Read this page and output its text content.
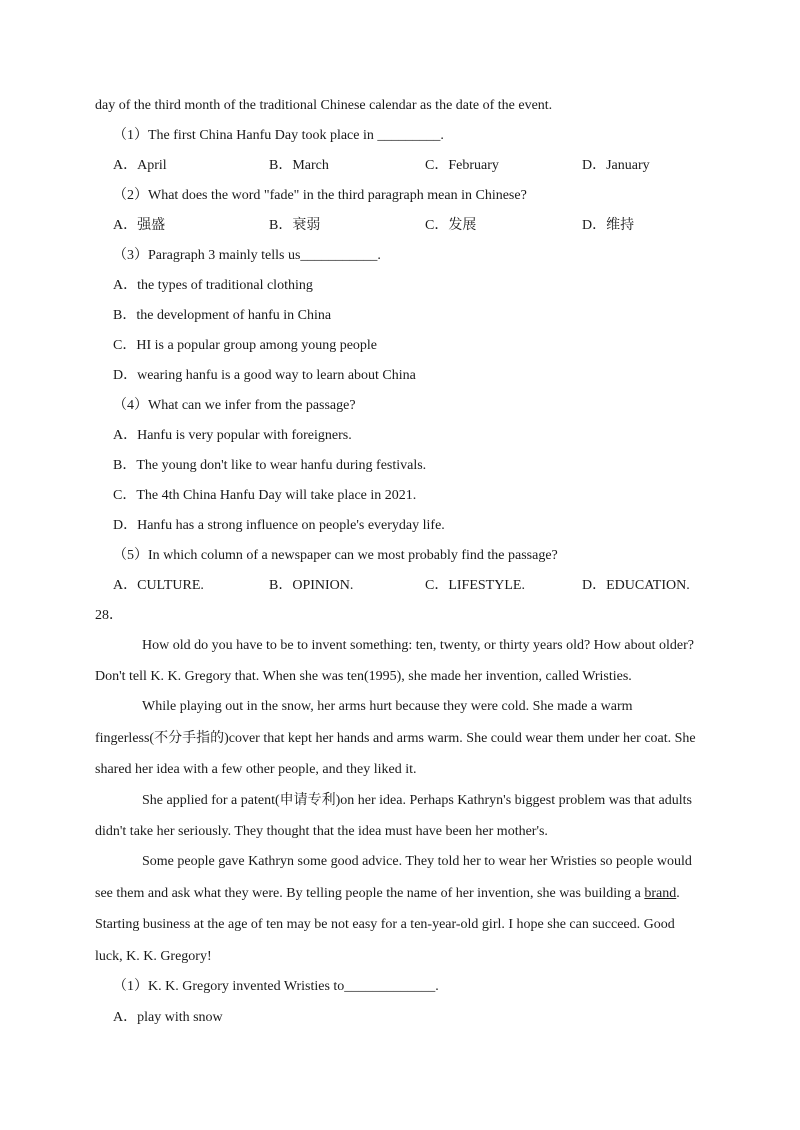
day of the third month of the traditional Chinese calendar as the date of the event.
（1）The first China Hanfu Day took place in _________.
A．April	B．March	C．February	D．January
（2）What does the word "fade" in the third paragraph mean in Chinese?
A．强盛	B．衰弱	C．发展	D．维持
（3）Paragraph 3 mainly tells us___________.
A．the types of traditional clothing
B．the development of hanfu in China
C．HI is a popular group among young people
D．wearing hanfu is a good way to learn about China
（4）What can we infer from the passage?
A．Hanfu is very popular with foreigners.
B．The young don't like to wear hanfu during festivals.
C．The 4th China Hanfu Day will take place in 2021.
D．Hanfu has a strong influence on people's everyday life.
（5）In which column of a newspaper can we most probably find the passage?
A．CULTURE.	B．OPINION.	C．LIFESTYLE.	D．EDUCATION.
28．
How old do you have to be to invent something: ten, twenty, or thirty years old? How about older?
Don't tell K. K. Gregory that. When she was ten(1995), she made her invention, called Wristies.
While playing out in the snow, her arms hurt because they were cold. She made a warm
fingerless(不分手指的)cover that kept her hands and arms warm. She could wear them under her coat. She
shared her idea with a few other people, and they liked it.
She applied for a patent(申请专利)on her idea. Perhaps Kathryn's biggest problem was that adults
didn't take her seriously. They thought that the idea must have been her mother's.
Some people gave Kathryn some good advice. They told her to wear her Wristies so people would
see them and ask what they were. By telling people the name of her invention, she was building a brand.
Starting business at the age of ten may be not easy for a ten-year-old girl. I hope she can succeed. Good
luck, K. K. Gregory!
（1）K. K. Gregory invented Wristies to_____________.
A．play with snow
